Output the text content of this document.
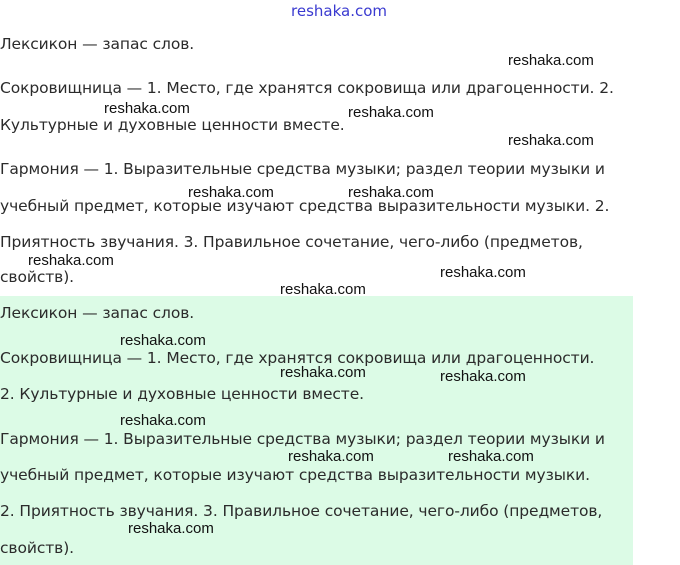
reshaka.com
Лексикон — запас слов.
Сокровищница — 1. Место, где хранятся сокровища или драгоценности. 2.
Культурные и духовные ценности вместе.
Гармония — 1. Выразительные средства музыки; раздел теории музыки и
учебный предмет, которые изучают средства выразительности музыки. 2.
Приятность звучания. 3. Правильное сочетание, чего-либо (предметов,
свойств).
Лексикон — запас слов.
Сокровищница — 1. Место, где хранятся сокровища или драгоценности.
2. Культурные и духовные ценности вместе.
Гармония — 1. Выразительные средства музыки; раздел теории музыки и
учебный предмет, которые изучают средства выразительности музыки.
2. Приятность звучания. 3. Правильное сочетание, чего-либо (предметов,
свойств).
reshaka.com
reshaka.com	reshaka.com
reshaka.com
reshaka.com	reshaka.com
reshaka.com
reshaka.com
reshaka.com
reshaka.com
reshaka.com	reshaka.com
reshaka.com
reshaka.com	reshaka.com
reshaka.com
